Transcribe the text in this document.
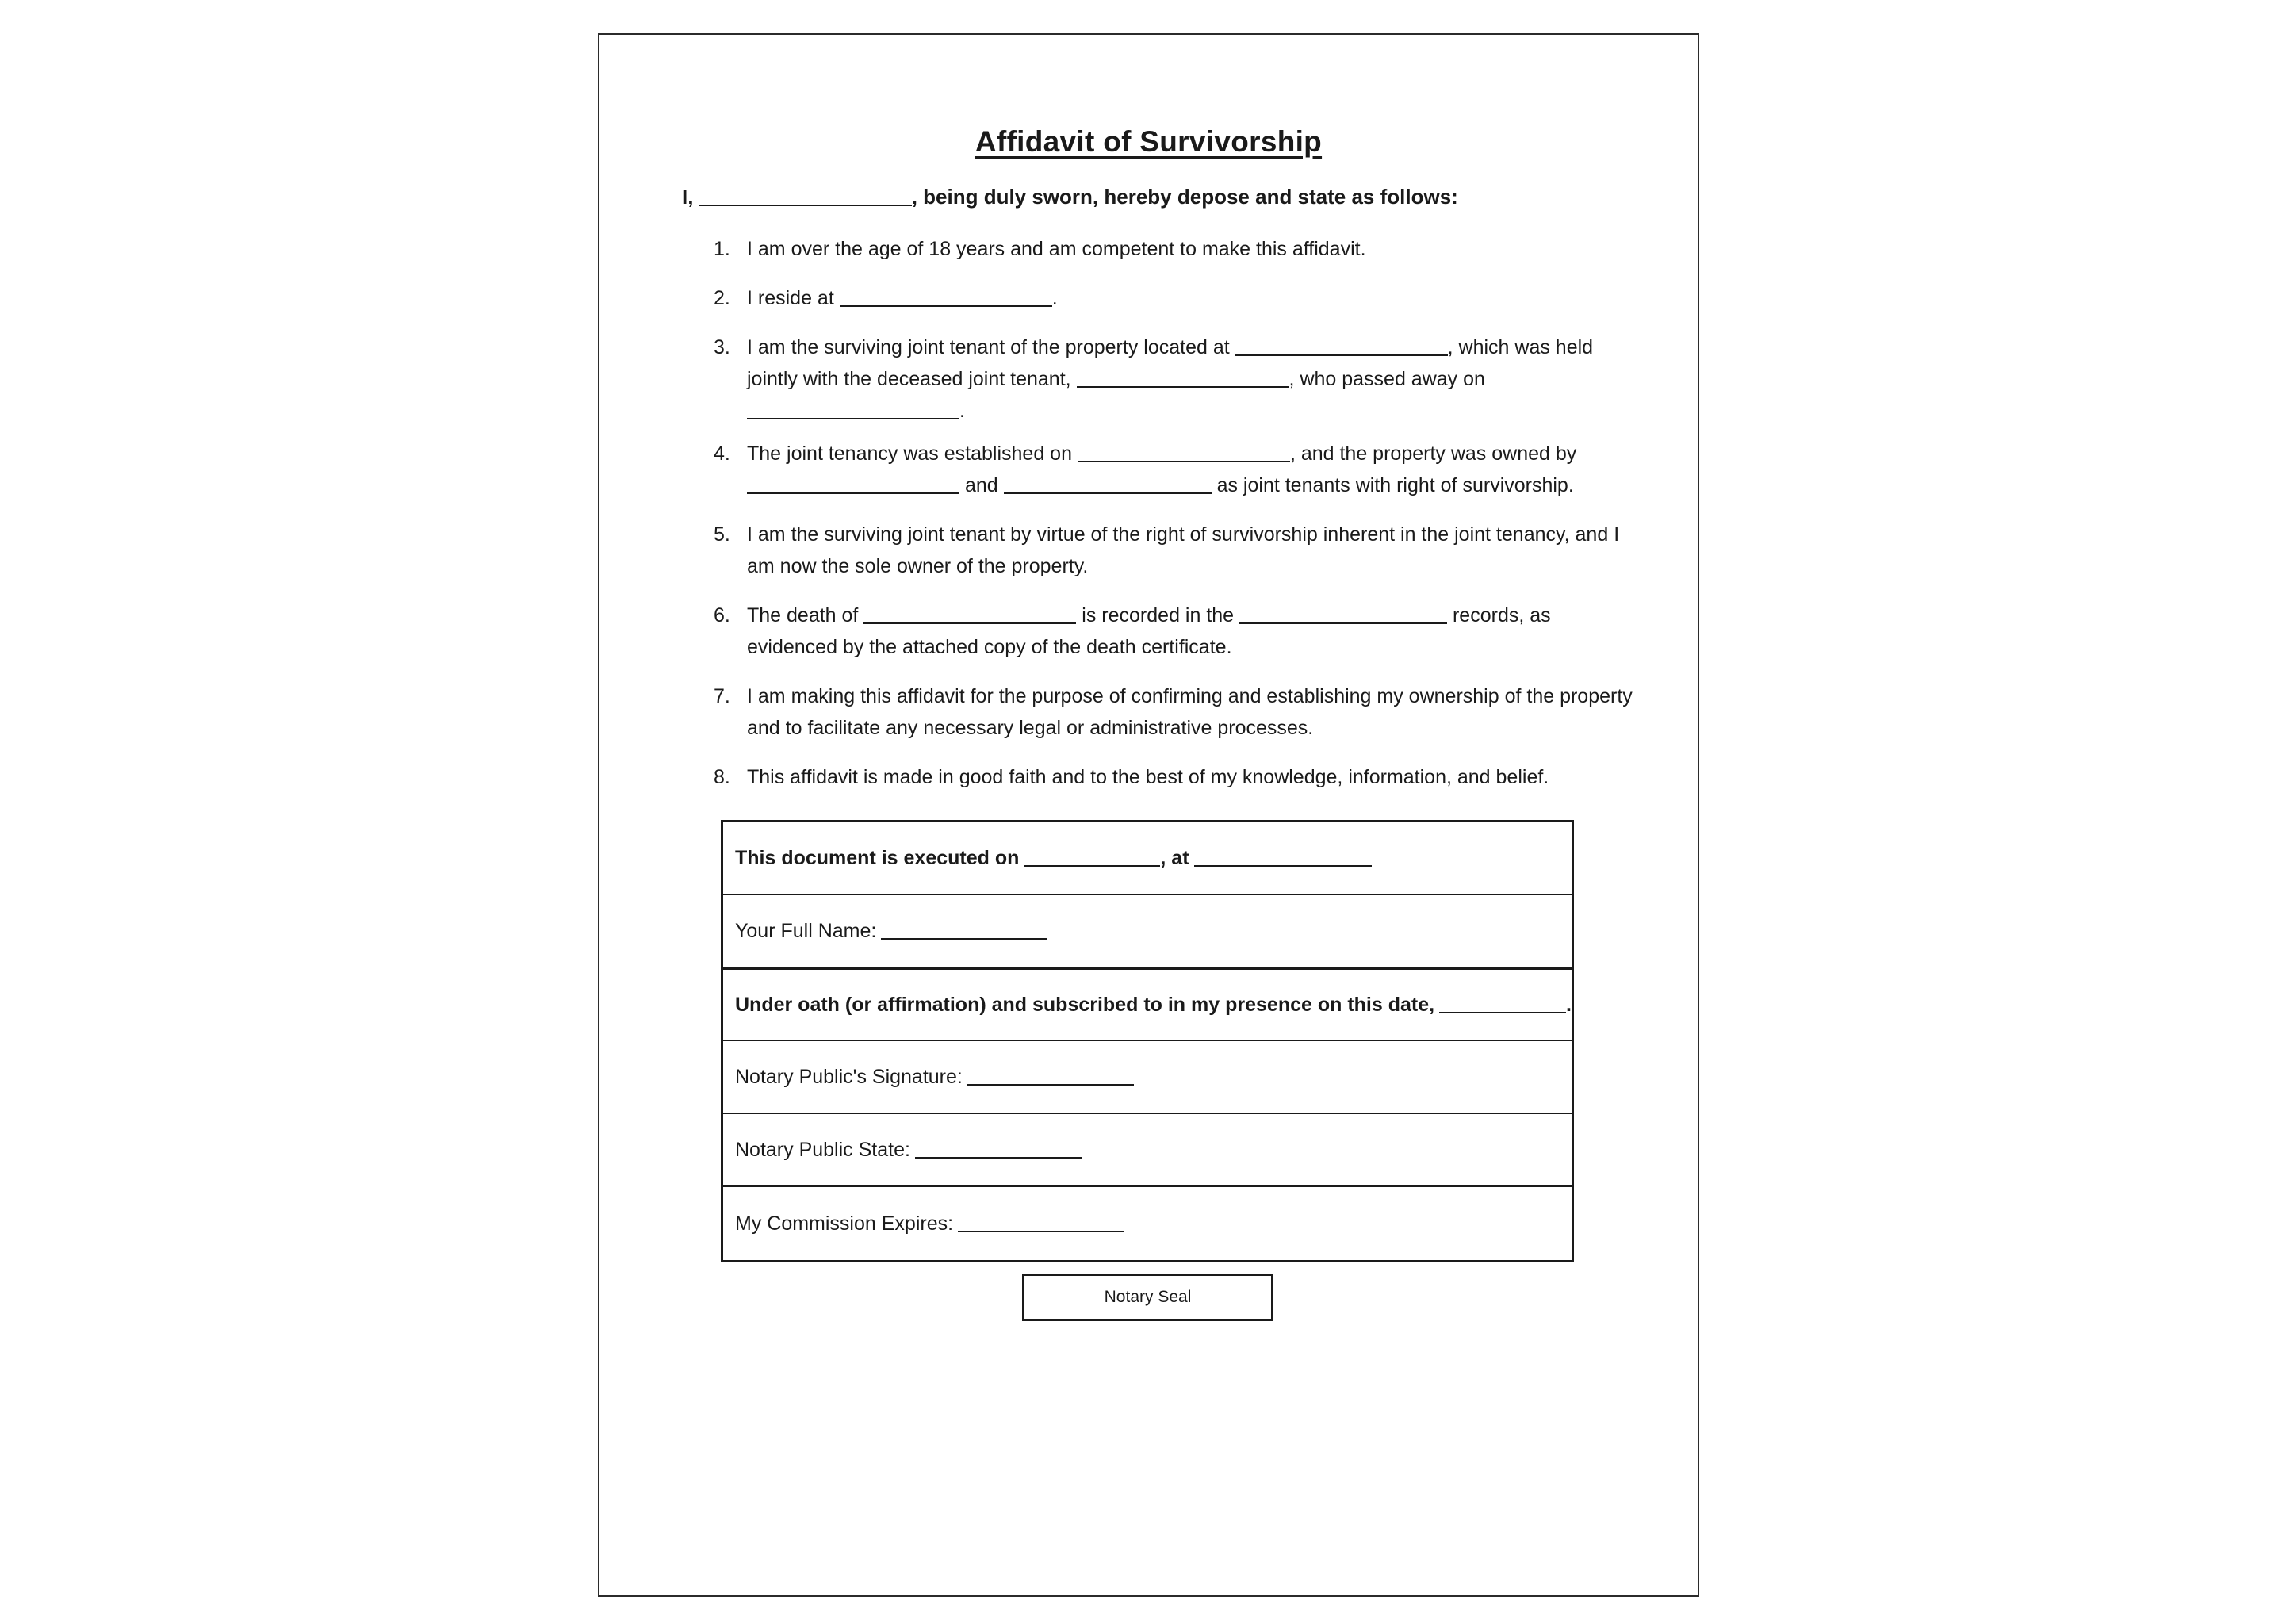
Affidavit of Survivorship
I,	, being duly sworn, hereby depose and state as follows:
1. I am over the age of 18 years and am competent to make this affidavit.
2. I reside at	.
3. I am the surviving joint tenant of the property located at	, which was held jointly with the deceased joint tenant,	, who passed away on .
4. The joint tenancy was established on	, and the property was owned by  and	as joint tenants with right of survivorship.
5. I am the surviving joint tenant by virtue of the right of survivorship inherent in the joint tenancy, and I am now the sole owner of the property.
6. The death of	is recorded in the	records, as evidenced by the attached copy of the death certificate.
7. I am making this affidavit for the purpose of confirming and establishing my ownership of the property and to facilitate any necessary legal or administrative processes.
8. This affidavit is made in good faith and to the best of my knowledge, information, and belief.
This document is executed on	, at
Your Full Name:
Under oath (or affirmation) and subscribed to in my presence on this date,	.
Notary Public's Signature:
Notary Public State:
My Commission Expires:
Notary Seal
